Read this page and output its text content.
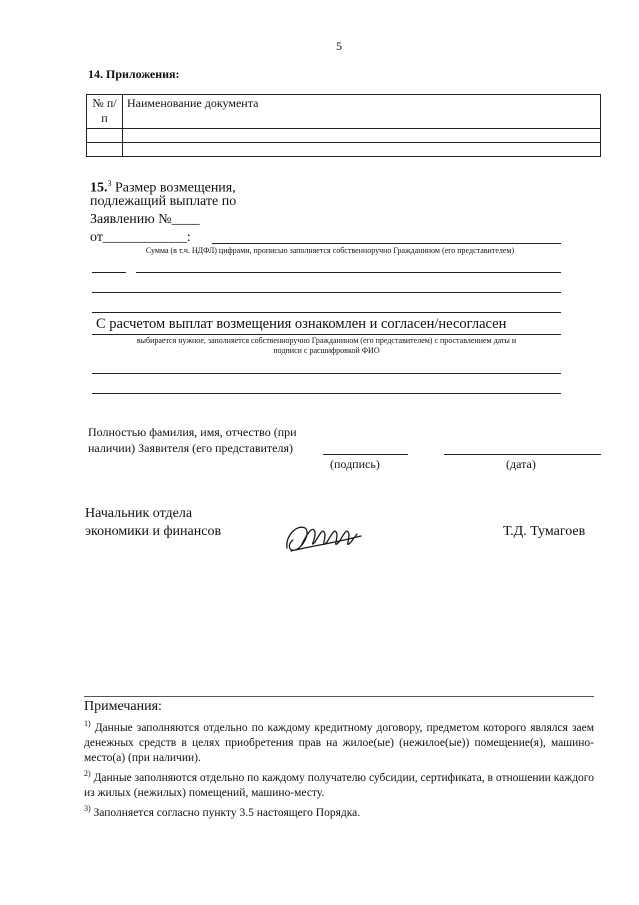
5
14. Приложения:
№ п/п	Наименование документа

15.$^3$ Размер возмещения,
подлежащий выплате по
Заявлению №____
от____________:
Сумма (в т.ч. НДФЛ) цифрами, прописью заполняется собственноручно Гражданином (его представителем)
С расчетом выплат возмещения ознакомлен и согласен/несогласен
выбирается нужное, заполняется собственноручно Гражданином (его представителем) с проставлением даты и
подписи с расшифровкой ФИО
Полностью фамилия, имя, отчество (при
наличии) Заявителя (его представителя)
(подпись)	(дата)
Начальник отдела
экономики и финансов	Т.Д. Тумагоев
Примечания:
$^{1)}$ Данные заполняются отдельно по каждому кредитному договору, предметом которого являлся заем денежных средств в целях приобретения прав на жилое(ые) (нежилое(ые)) помещение(я), машино-место(а) (при наличии).
$^{2)}$ Данные заполняются отдельно по каждому получателю субсидии, сертификата, в отношении каждого из жилых (нежилых) помещений, машино-месту.
$^{3)}$ Заполняется согласно пункту 3.5 настоящего Порядка.
